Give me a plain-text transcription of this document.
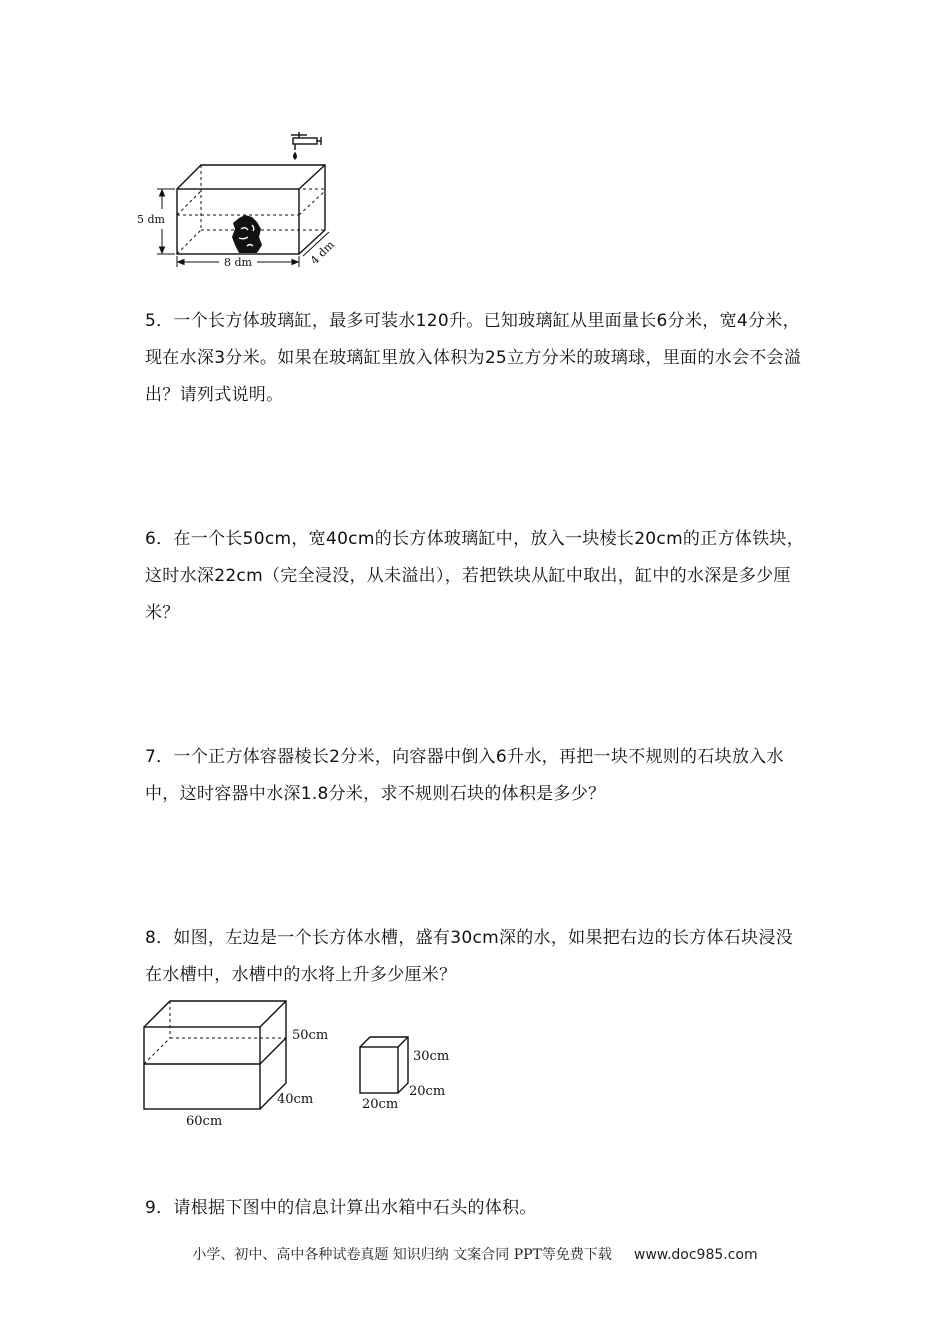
5 dm
8 dm	4 dm

5．一个长方体玻璃缸，最多可装水120升。已知玻璃缸从里面量长6分米，宽4分米，现在水深3分米。如果在玻璃缸里放入体积为25立方分米的玻璃球，里面的水会不会溢出？请列式说明。

6．在一个长50cm，宽40cm的长方体玻璃缸中，放入一块棱长20cm的正方体铁块，这时水深22cm（完全浸没，从未溢出），若把铁块从缸中取出，缸中的水深是多少厘米？

7．一个正方体容器棱长2分米，向容器中倒入6升水，再把一块不规则的石块放入水中，这时容器中水深1.8分米，求不规则石块的体积是多少？

8．如图，左边是一个长方体水槽，盛有30cm深的水，如果把右边的长方体石块浸没在水槽中，水槽中的水将上升多少厘米？

50cm
40cm
60cm
30cm
20cm
20cm

9．请根据下图中的信息计算出水箱中石头的体积。

小学、初中、高中各种试卷真题 知识归纳 文案合同 PPT等免费下载 www.doc985.com
